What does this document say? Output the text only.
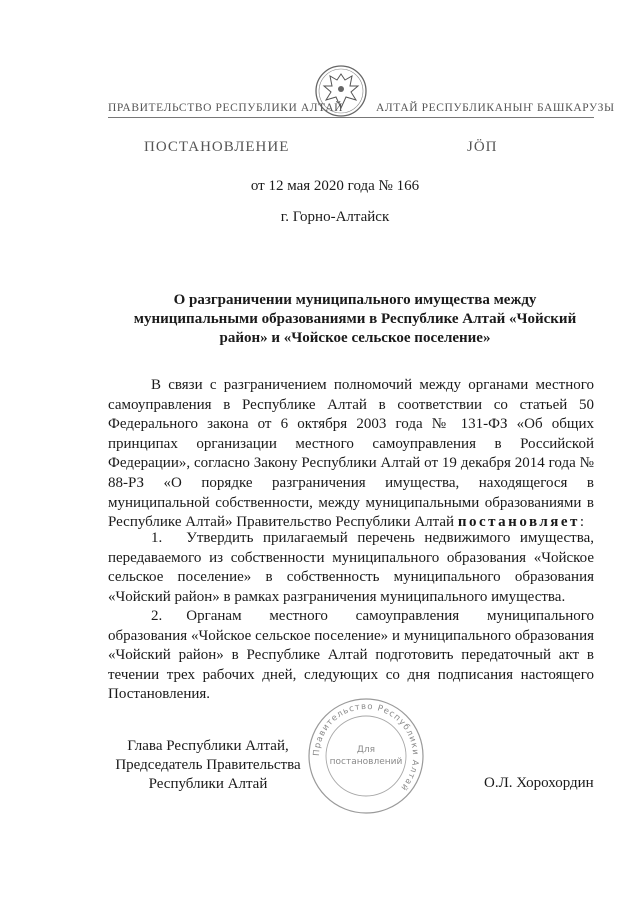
ПРАВИТЕЛЬСТВО РЕСПУБЛИКИ АЛТАЙ	АЛТАЙ РЕСПУБЛИКАНЫҤ БАШКАРУЗЫ
ПОСТАНОВЛЕНИЕ	ЈӦП
от 12 мая 2020 года № 166
г. Горно-Алтайск
О разграничении муниципального имущества между муниципальными образованиями в Республике Алтай «Чойский район» и «Чойское сельское поселение»
В связи с разграничением полномочий между органами местного самоуправления в Республике Алтай в соответствии со статьей 50 Федерального закона от 6 октября 2003 года № 131-ФЗ «Об общих принципах организации местного самоуправления в Российской Федерации», согласно Закону Республики Алтай от 19 декабря 2014 года № 88-РЗ «О порядке разграничения имущества, находящегося в муниципальной собственности, между муниципальными образованиями в Республике Алтай» Правительство Республики Алтай постановляет:
1. Утвердить прилагаемый перечень недвижимого имущества, передаваемого из собственности муниципального образования «Чойское сельское поселение» в собственность муниципального образования «Чойский район» в рамках разграничения муниципального имущества.
2. Органам местного самоуправления муниципального образования «Чойское сельское поселение» и муниципального образования «Чойский район» в Республике Алтай подготовить передаточный акт в течении трех рабочих дней, следующих со дня подписания настоящего Постановления.
Правительство Республики Алтай
Для
постановлений
Глава Республики Алтай,
Председатель Правительства
Республики Алтай	О.Л. Хорохордин
